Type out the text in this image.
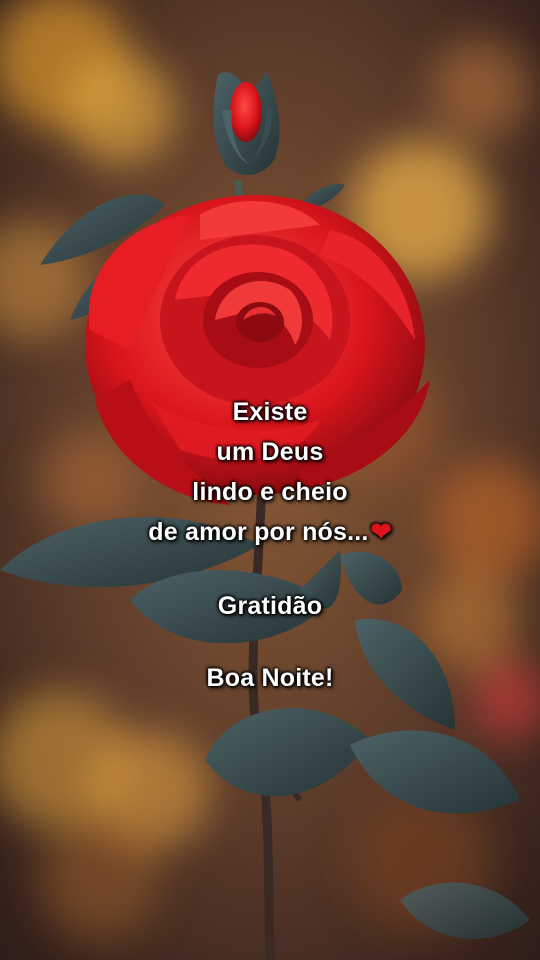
Existe
um Deus
lindo e cheio
de amor por nós...❤
Gratidão
Boa Noite!
